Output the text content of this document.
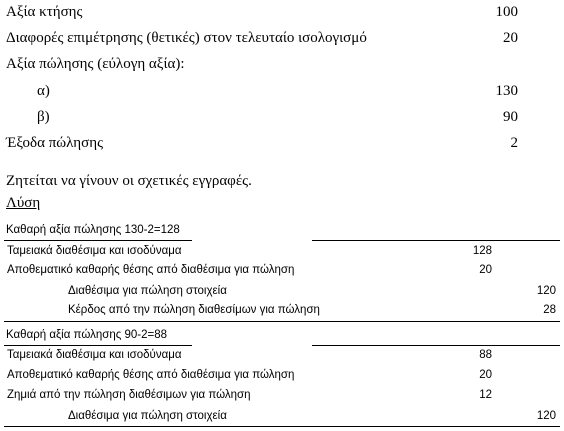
Αξία κτήσης	100
Διαφορές επιμέτρησης (θετικές) στον τελευταίο ισολογισμό	20
Αξία πώλησης (εύλογη αξία):
α)	130
β)	90
Έξοδα πώλησης	2
Ζητείται να γίνουν οι σχετικές εγγραφές.
Λύση
Καθαρή αξία πώλησης 130-2=128
Ταμειακά διαθέσιμα και ισοδύναμα	128
Αποθεματικό καθαρής θέσης από διαθέσιμα για πώληση	20
Διαθέσιμα για πώληση στοιχεία	120
Κέρδος από την πώληση διαθεσίμων για πώληση	28
Καθαρή αξία πώλησης 90-2=88
Ταμειακά διαθέσιμα και ισοδύναμα	88
Αποθεματικό καθαρής θέσης από διαθέσιμα για πώληση	20
Ζημιά από την πώληση διαθέσιμων για πώληση	12
Διαθέσιμα για πώληση στοιχεία	120
